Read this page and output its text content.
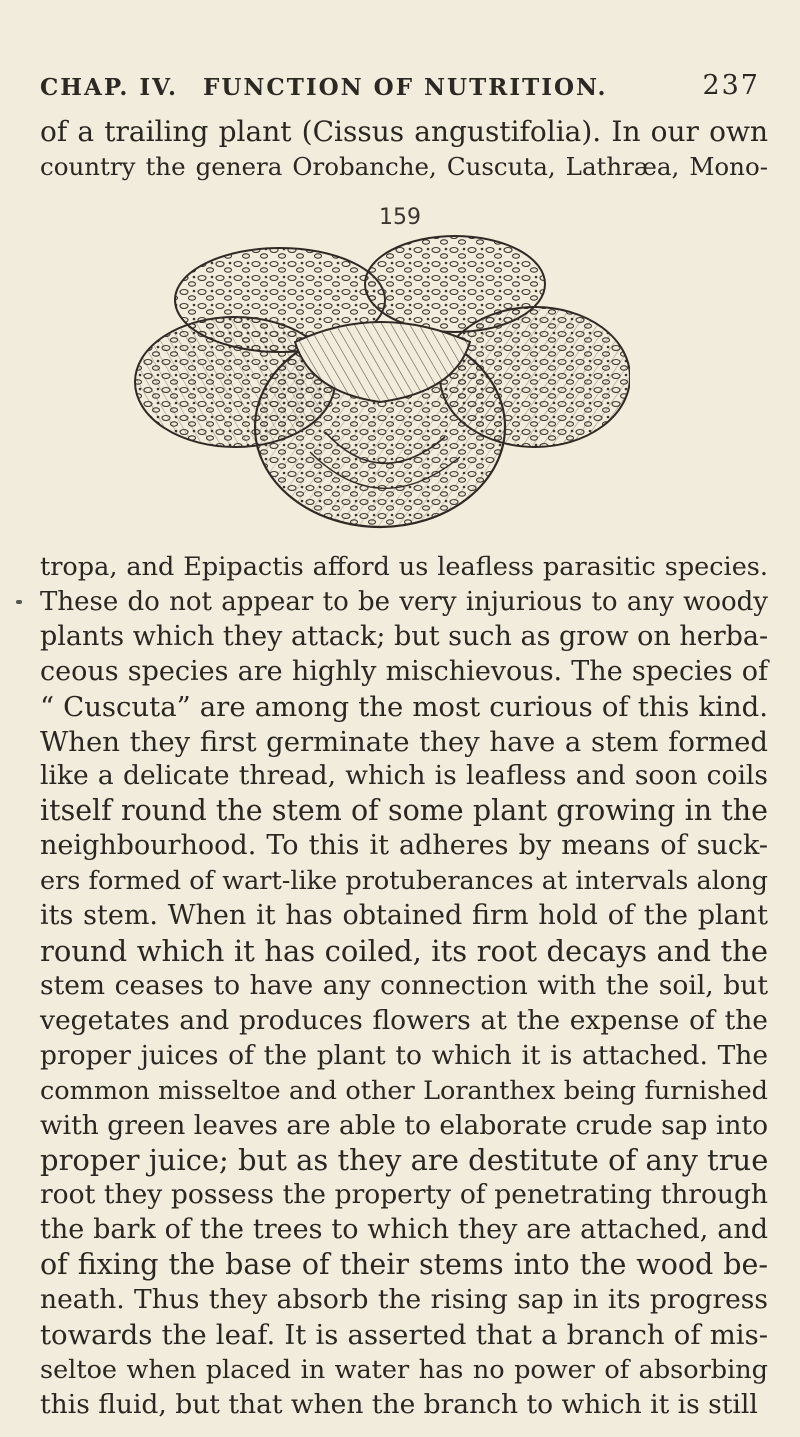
CHAP. IV. FUNCTION OF NUTRITION.	237
of a trailing plant (Cissus angustifolia). In our own
country the genera Orobanche, Cuscuta, Lathræa, Mono-
159
tropa, and Epipactis afford us leafless parasitic species.
These do not appear to be very injurious to any woody
plants which they attack; but such as grow on herba-
ceous species are highly mischievous. The species of
“ Cuscuta” are among the most curious of this kind.
When they first germinate they have a stem formed
like a delicate thread, which is leafless and soon coils
itself round the stem of some plant growing in the
neighbourhood. To this it adheres by means of suck-
ers formed of wart-like protuberances at intervals along
its stem. When it has obtained firm hold of the plant
round which it has coiled, its root decays and the
stem ceases to have any connection with the soil, but
vegetates and produces flowers at the expense of the
proper juices of the plant to which it is attached. The
common misseltoe and other Loranthex being furnished
with green leaves are able to elaborate crude sap into
proper juice; but as they are destitute of any true
root they possess the property of penetrating through
the bark of the trees to which they are attached, and
of fixing the base of their stems into the wood be-
neath. Thus they absorb the rising sap in its progress
towards the leaf. It is asserted that a branch of mis-
seltoe when placed in water has no power of absorbing
this fluid, but that when the branch to which it is still
